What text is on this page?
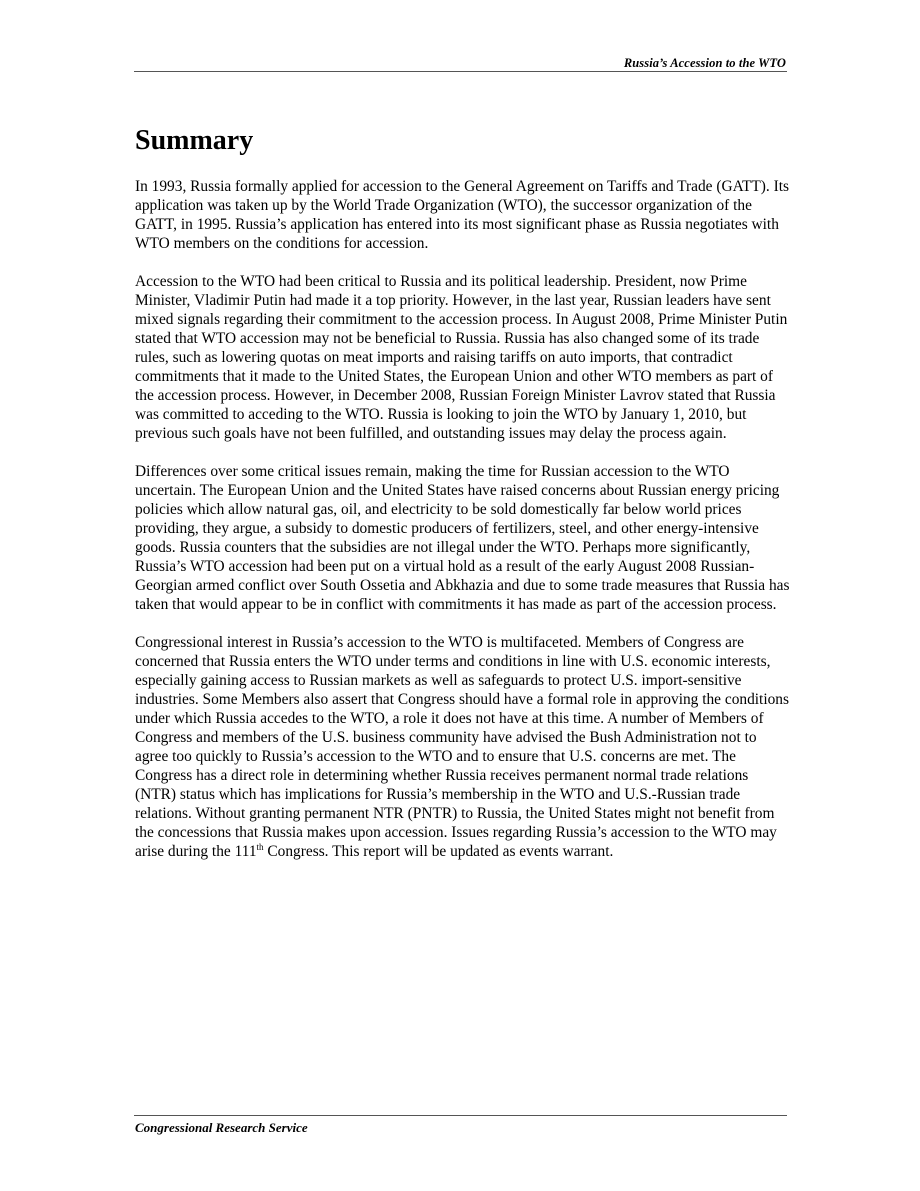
Russia’s Accession to the WTO
Summary

In 1993, Russia formally applied for accession to the General Agreement on Tariffs and Trade (GATT). Its application was taken up by the World Trade Organization (WTO), the successor organization of the GATT, in 1995. Russia’s application has entered into its most significant phase as Russia negotiates with WTO members on the conditions for accession.

Accession to the WTO had been critical to Russia and its political leadership. President, now Prime Minister, Vladimir Putin had made it a top priority. However, in the last year, Russian leaders have sent mixed signals regarding their commitment to the accession process. In August 2008, Prime Minister Putin stated that WTO accession may not be beneficial to Russia. Russia has also changed some of its trade rules, such as lowering quotas on meat imports and raising tariffs on auto imports, that contradict commitments that it made to the United States, the European Union and other WTO members as part of the accession process. However, in December 2008, Russian Foreign Minister Lavrov stated that Russia was committed to acceding to the WTO. Russia is looking to join the WTO by January 1, 2010, but previous such goals have not been fulfilled, and outstanding issues may delay the process again.

Differences over some critical issues remain, making the time for Russian accession to the WTO uncertain. The European Union and the United States have raised concerns about Russian energy pricing policies which allow natural gas, oil, and electricity to be sold domestically far below world prices providing, they argue, a subsidy to domestic producers of fertilizers, steel, and other energy-intensive goods. Russia counters that the subsidies are not illegal under the WTO. Perhaps more significantly, Russia’s WTO accession had been put on a virtual hold as a result of the early August 2008 Russian-Georgian armed conflict over South Ossetia and Abkhazia and due to some trade measures that Russia has taken that would appear to be in conflict with commitments it has made as part of the accession process.

Congressional interest in Russia’s accession to the WTO is multifaceted. Members of Congress are concerned that Russia enters the WTO under terms and conditions in line with U.S. economic interests, especially gaining access to Russian markets as well as safeguards to protect U.S. import-sensitive industries. Some Members also assert that Congress should have a formal role in approving the conditions under which Russia accedes to the WTO, a role it does not have at this time. A number of Members of Congress and members of the U.S. business community have advised the Bush Administration not to agree too quickly to Russia’s accession to the WTO and to ensure that U.S. concerns are met. The Congress has a direct role in determining whether Russia receives permanent normal trade relations (NTR) status which has implications for Russia’s membership in the WTO and U.S.-Russian trade relations. Without granting permanent NTR (PNTR) to Russia, the United States might not benefit from the concessions that Russia makes upon accession. Issues regarding Russia’s accession to the WTO may arise during the 111th Congress. This report will be updated as events warrant.

Congressional Research Service
